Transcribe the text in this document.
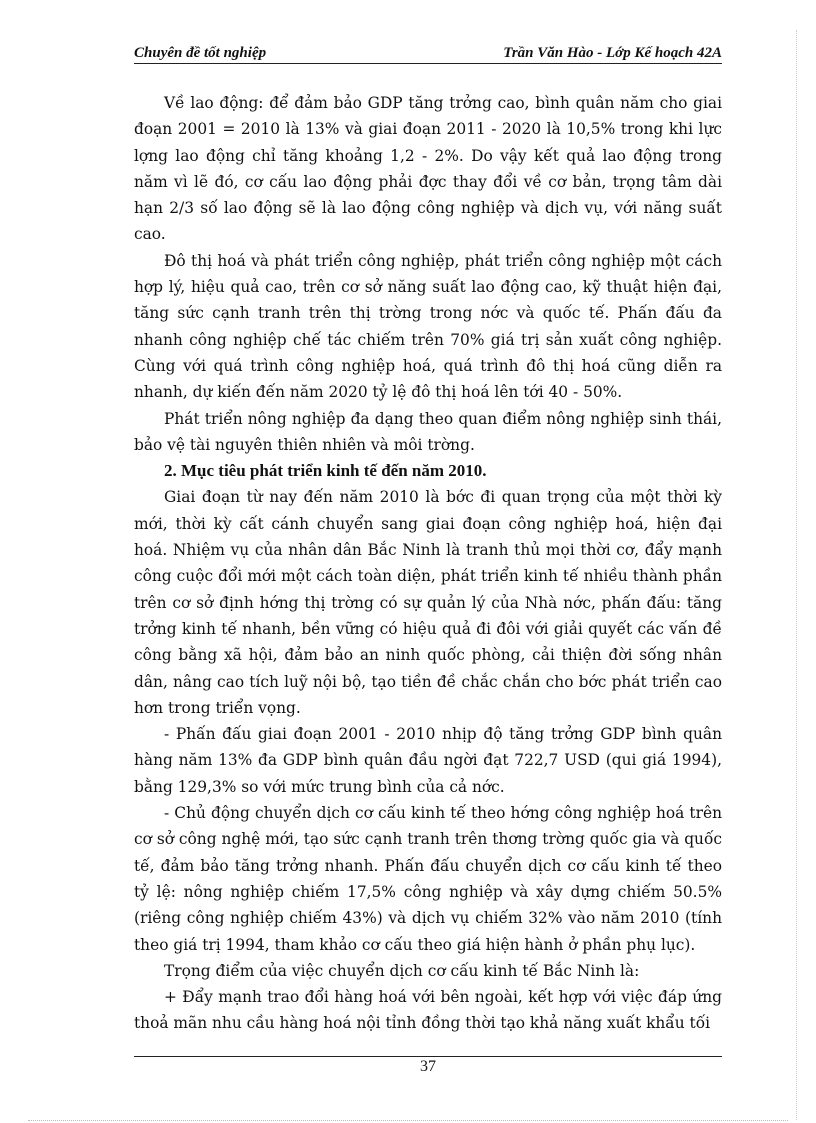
Chuyên đề tốt nghiệp	Trần Văn Hào - Lớp Kế hoạch 42A

Về lao động: để đảm bảo GDP tăng trởng cao, bình quân năm cho giai đoạn 2001 = 2010 là 13% và giai đoạn 2011 - 2020 là 10,5% trong khi lực lợng lao động chỉ tăng khoảng 1,2 - 2%. Do vậy kết quả lao động trong năm vì lẽ đó, cơ cấu lao động phải đợc thay đổi về cơ bản, trọng tâm dài hạn 2/3 số lao động sẽ là lao động công nghiệp và dịch vụ, với năng suất cao.

Đô thị hoá và phát triển công nghiệp, phát triển công nghiệp một cách hợp lý, hiệu quả cao, trên cơ sở năng suất lao động cao, kỹ thuật hiện đại, tăng sức cạnh tranh trên thị trờng trong nớc và quốc tế. Phấn đấu đa nhanh công nghiệp chế tác chiếm trên 70% giá trị sản xuất công nghiệp. Cùng với quá trình công nghiệp hoá, quá trình đô thị hoá cũng diễn ra nhanh, dự kiến đến năm 2020 tỷ lệ đô thị hoá lên tới 40 - 50%.

Phát triển nông nghiệp đa dạng theo quan điểm nông nghiệp sinh thái, bảo vệ tài nguyên thiên nhiên và môi trờng.

2. Mục tiêu phát triển kinh tế đến năm 2010.

Giai đoạn từ nay đến năm 2010 là bớc đi quan trọng của một thời kỳ mới, thời kỳ cất cánh chuyển sang giai đoạn công nghiệp hoá, hiện đại hoá. Nhiệm vụ của nhân dân Bắc Ninh là tranh thủ mọi thời cơ, đẩy mạnh công cuộc đổi mới một cách toàn diện, phát triển kinh tế nhiều thành phần trên cơ sở định hớng thị trờng có sự quản lý của Nhà nớc, phấn đấu: tăng trởng kinh tế nhanh, bền vững có hiệu quả đi đôi với giải quyết các vấn đề công bằng xã hội, đảm bảo an ninh quốc phòng, cải thiện đời sống nhân dân, nâng cao tích luỹ nội bộ, tạo tiền đề chắc chắn cho bớc phát triển cao hơn trong triển vọng.

- Phấn đấu giai đoạn 2001 - 2010 nhịp độ tăng trởng GDP bình quân hàng năm 13% đa GDP bình quân đầu ngời đạt 722,7 USD (qui giá 1994), bằng 129,3% so với mức trung bình của cả nớc.

- Chủ động chuyển dịch cơ cấu kinh tế theo hớng công nghiệp hoá trên cơ sở công nghệ mới, tạo sức cạnh tranh trên thơng trờng quốc gia và quốc tế, đảm bảo tăng trởng nhanh. Phấn đấu chuyển dịch cơ cấu kinh tế theo tỷ lệ: nông nghiệp chiếm 17,5% công nghiệp và xây dựng chiếm 50.5% (riêng công nghiệp chiếm 43%) và dịch vụ chiếm 32% vào năm 2010 (tính theo giá trị 1994, tham khảo cơ cấu theo giá hiện hành ở phần phụ lục).

Trọng điểm của việc chuyển dịch cơ cấu kinh tế Bắc Ninh là:

+ Đẩy mạnh trao đổi hàng hoá với bên ngoài, kết hợp với việc đáp ứng thoả mãn nhu cầu hàng hoá nội tỉnh đồng thời tạo khả năng xuất khẩu tối

37
